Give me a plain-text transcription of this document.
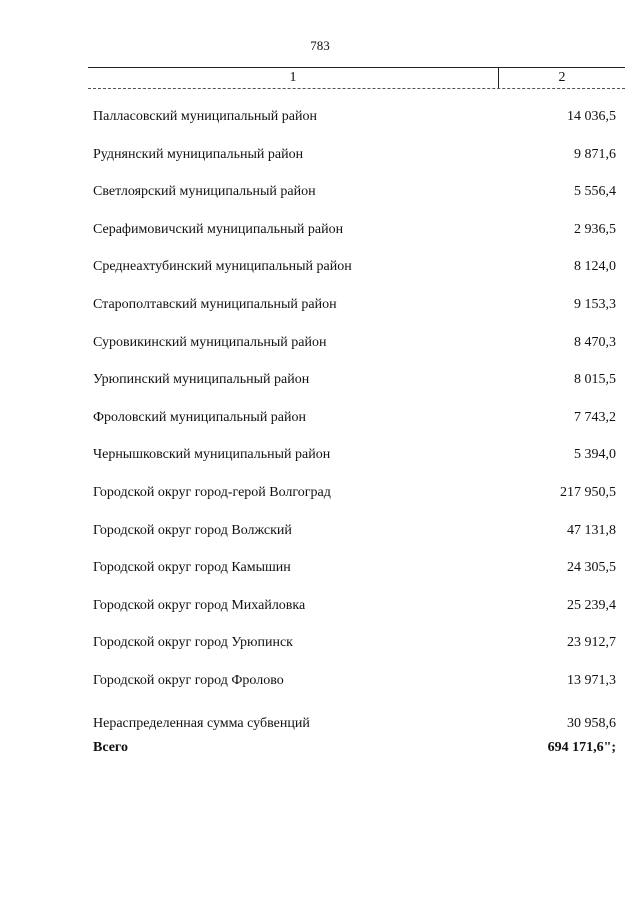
783
1	2
Палласовский муниципальный район	14 036,5
Руднянский муниципальный район	9 871,6
Светлоярский муниципальный район	5 556,4
Серафимовичский муниципальный район	2 936,5
Среднеахтубинский муниципальный район	8 124,0
Старополтавский муниципальный район	9 153,3
Суровикинский муниципальный район	8 470,3
Урюпинский муниципальный район	8 015,5
Фроловский муниципальный район	7 743,2
Чернышковский муниципальный район	5 394,0
Городской округ город-герой Волгоград	217 950,5
Городской округ город Волжский	47 131,8
Городской округ город Камышин	24 305,5
Городской округ город Михайловка	25 239,4
Городской округ город Урюпинск	23 912,7
Городской округ город Фролово	13 971,3
Нераспределенная сумма субвенций	30 958,6
Всего	694 171,6";
